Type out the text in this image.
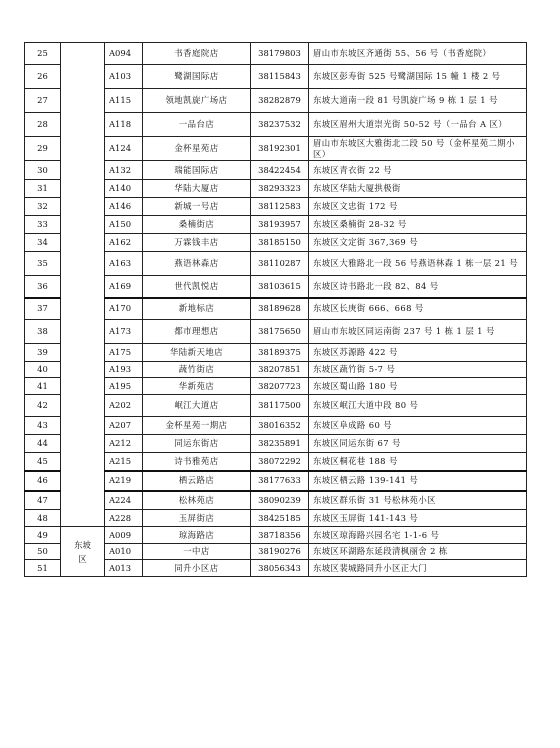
25		A094	书香庭院店	38179803	眉山市东坡区齐通街 55、56 号（书香庭院）
26		A103	鹭湖国际店	38115843	东坡区彭寿街 525 号鹭湖国际 15 幢 1 楼 2 号
27		A115	领地凯旋广场店	38282879	东坡大道南一段 81 号凯旋广场 9 栋 1 层 1 号
28		A118	一品台店	38237532	东坡区眉州大道崇光街 50-52 号（一品台 A 区）
29		A124	金杯星苑店	38192301	眉山市东坡区大雅街北二段 50 号（金杯星苑二期小区）
30		A132	瑞能国际店	38422454	东坡区青衣街 22 号
31		A140	华陆大厦店	38293323	东坡区华陆大厦拱极街
32		A146	新城一号店	38112583	东坡区文忠街 172 号
33		A150	桑楠街店	38193957	东坡区桑楠街 28-32 号
34		A162	万霖钱丰店	38185150	东坡区文定街 367,369 号
35		A163	燕语林森店	38110287	东坡区大雅路北一段 56 号燕语林森 1 栋一层 21 号
36		A169	世代凯悦店	38103615	东坡区诗书路北一段 82、84 号
37		A170	新地标店	38189628	东坡区长庚街 666、668 号
38		A173	都市理想店	38175650	眉山市东坡区同运南街 237 号 1 栋 1 层 1 号
39		A175	华陆新天地店	38189375	东坡区苏源路 422 号
40		A193	蔬竹街店	38207851	东坡区蔬竹街 5-7 号
41		A195	华新苑店	38207723	东坡区蜀山路 180 号
42		A202	岷江大道店	38117500	东坡区岷江大道中段 80 号
43		A207	金杯星苑一期店	38016352	东坡区阜成路 60 号
44		A212	同运东街店	38235891	东坡区同运东街 67 号
45		A215	诗书雅苑店	38072292	东坡区桐花巷 188 号
46		A219	栖云路店	38177633	东坡区栖云路 139-141 号
47		A224	松林苑店	38090239	东坡区群乐街 31 号松林苑小区
48		A228	玉屏街店	38425185	东坡区玉屏街 141-143 号
49	东坡区	A009	琼海路店	38718356	东坡区琼海路兴园名宅 1-1-6 号
50		A010	一中店	38190276	东坡区环湖路东延段清枫丽舍 2 栋
51		A013	同升小区店	38056343	东坡区裴城路同升小区正大门
